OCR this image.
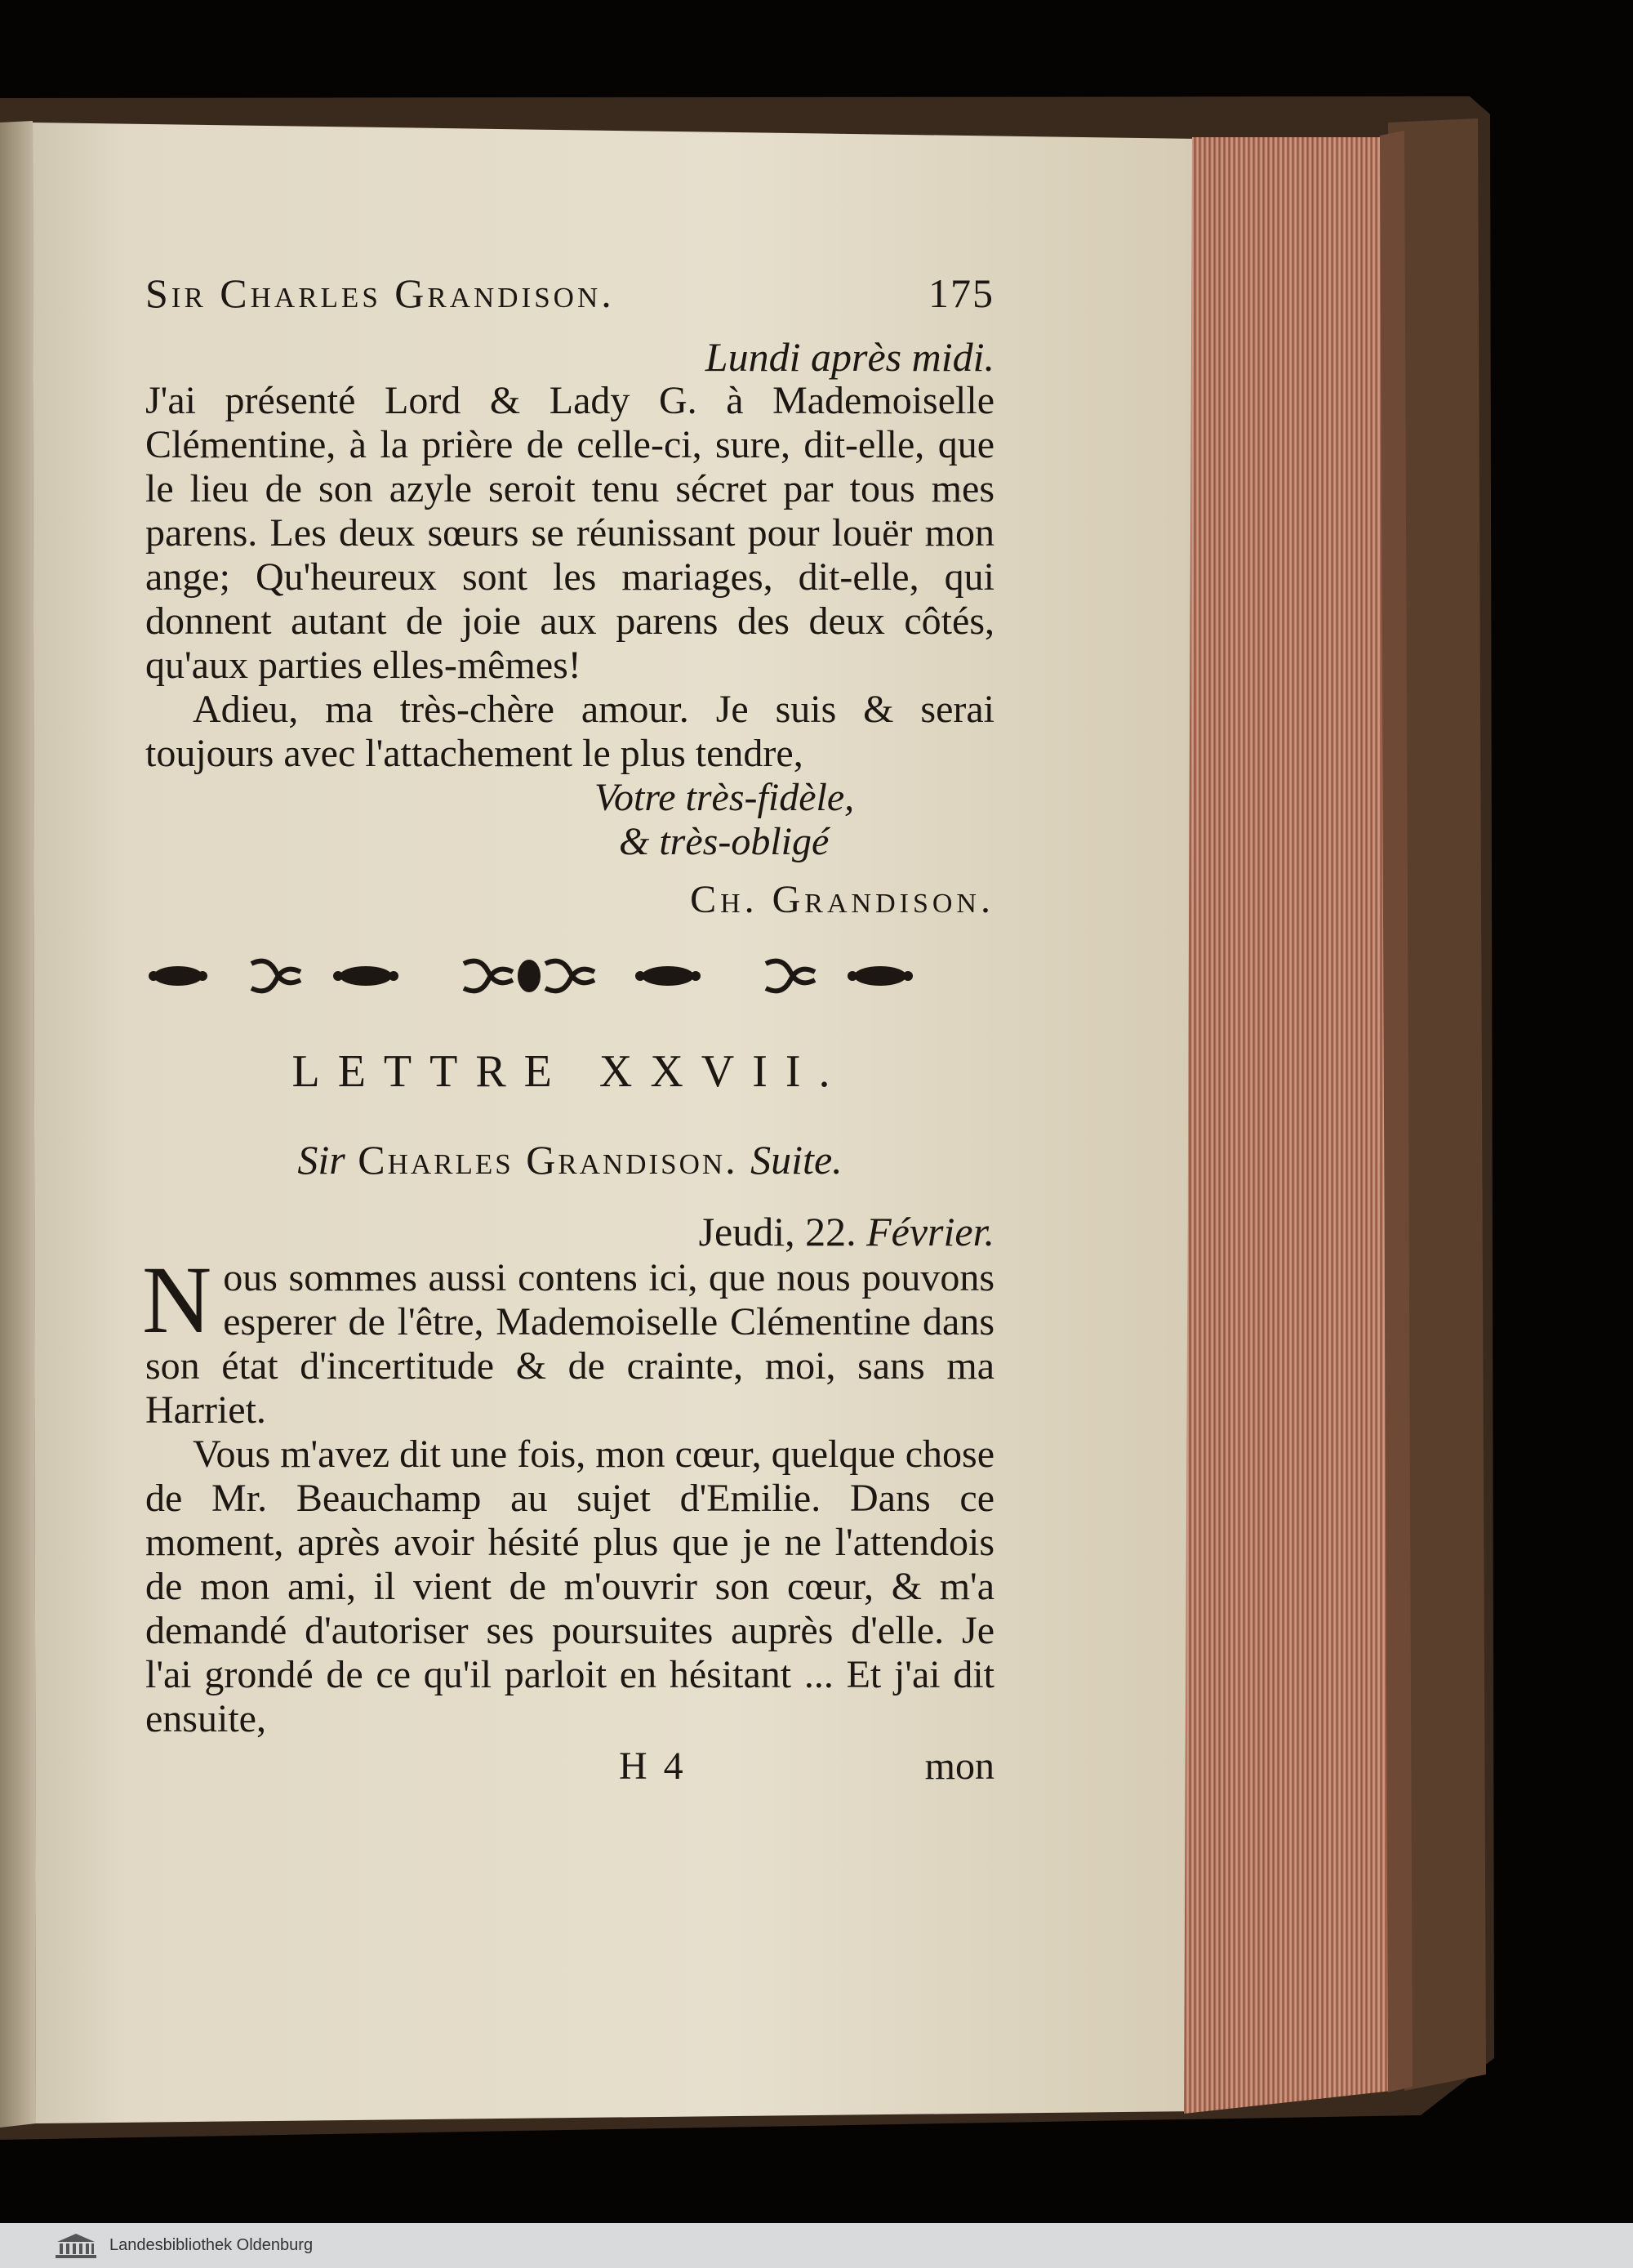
Sir Charles Grandison.	175
Lundi après midi.

J'ai présenté Lord & Lady G. à Mademoiselle Clémentine, à la prière de celle-ci, sure, dit-elle, que le lieu de son azyle seroit tenu sécret par tous mes parens. Les deux sœurs se réunissant pour louër mon ange; Qu'heureux sont les mariages, dit-elle, qui donnent autant de joie aux parens des deux côtés, qu'aux parties elles-mêmes!

Adieu, ma très-chère amour. Je suis & serai toujours avec l'attachement le plus tendre,

Votre très-fidèle,
& très-obligé
Ch. Grandison.
LETTRE XXVII.
Sir Charles Grandison. Suite.
Jeudi, 22. Février.
N ous sommes aussi contens ici, que nous pouvons esperer de l'être, Mademoiselle Clémentine dans son état d'incertitude & de crainte, moi, sans ma Harriet.

Vous m'avez dit une fois, mon cœur, quelque chose de Mr. Beauchamp au sujet d'Emilie. Dans ce moment, après avoir hésité plus que je ne l'attendois de mon ami, il vient de m'ouvrir son cœur, & m'a demandé d'autoriser ses poursuites auprès d'elle. Je l'ai grondé de ce qu'il parloit en hésitant ... Et j'ai dit ensuite,

H 4	mon
Landesbibliothek Oldenburg
